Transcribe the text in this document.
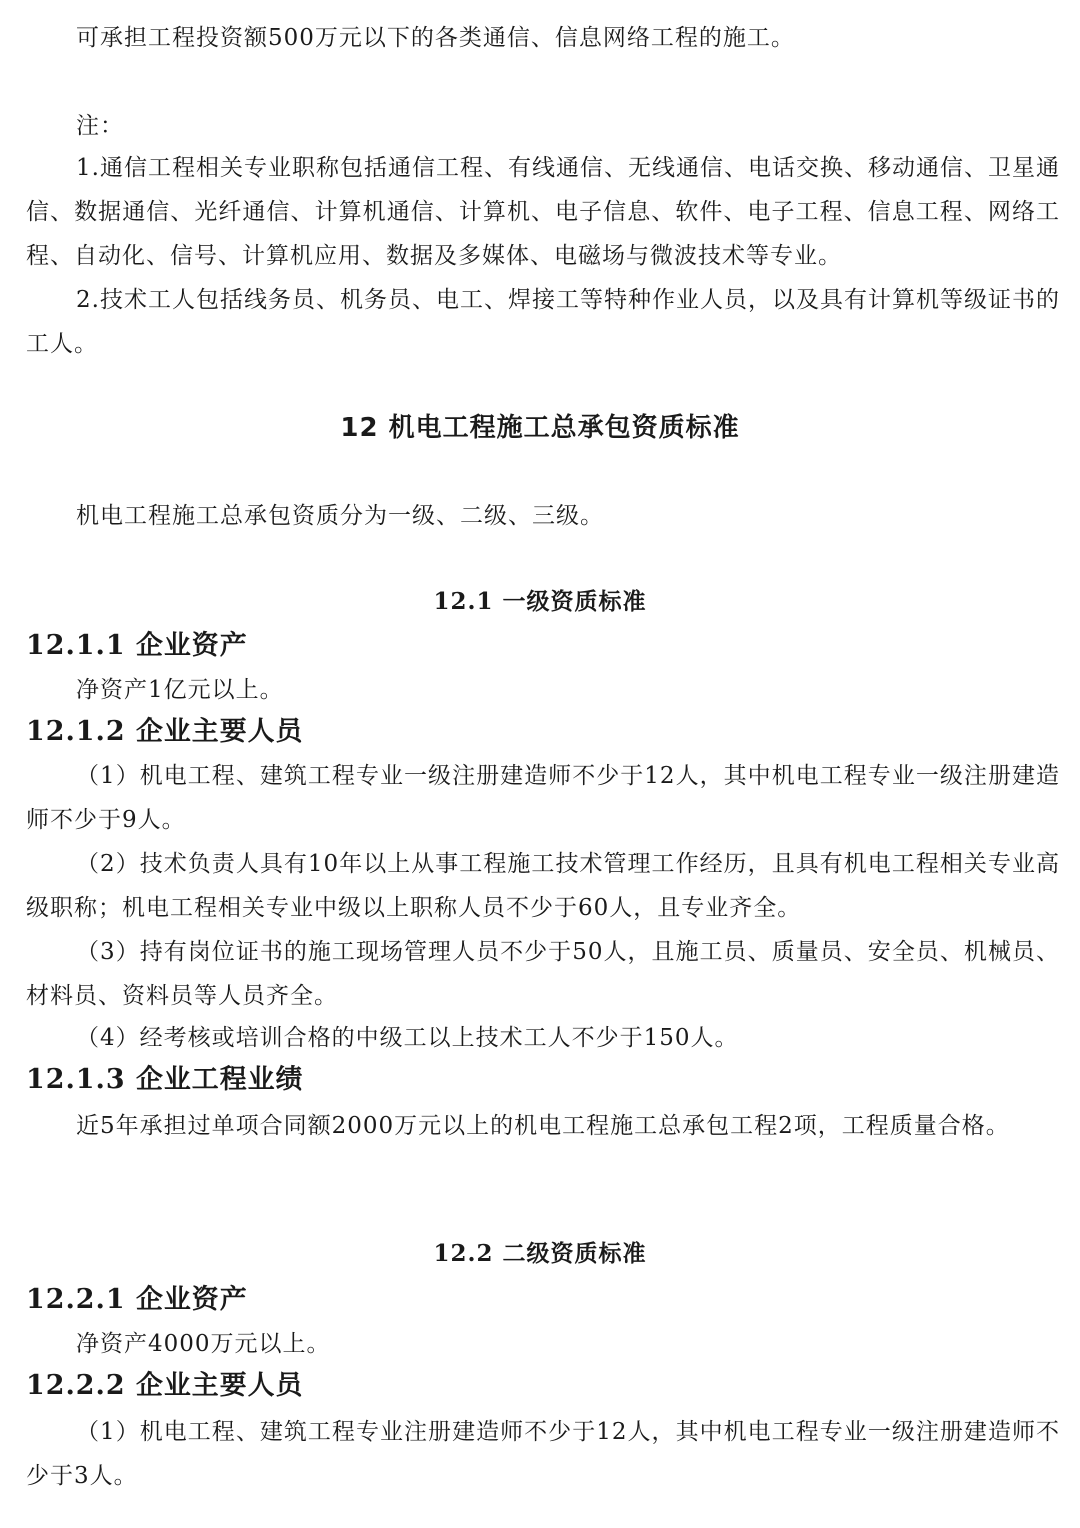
可承担工程投资额500万元以下的各类通信、信息网络工程的施工。

注：

1.通信工程相关专业职称包括通信工程、有线通信、无线通信、电话交换、移动通信、卫星通信、数据通信、光纤通信、计算机通信、计算机、电子信息、软件、电子工程、信息工程、网络工程、自动化、信号、计算机应用、数据及多媒体、电磁场与微波技术等专业。

2.技术工人包括线务员、机务员、电工、焊接工等特种作业人员，以及具有计算机等级证书的工人。

12 机电工程施工总承包资质标准

机电工程施工总承包资质分为一级、二级、三级。

12.1 一级资质标准
12.1.1 企业资产

净资产1亿元以上。

12.1.2 企业主要人员

（1）机电工程、建筑工程专业一级注册建造师不少于12人，其中机电工程专业一级注册建造师不少于9人。

（2）技术负责人具有10年以上从事工程施工技术管理工作经历，且具有机电工程相关专业高级职称；机电工程相关专业中级以上职称人员不少于60人，且专业齐全。

（3）持有岗位证书的施工现场管理人员不少于50人，且施工员、质量员、安全员、机械员、材料员、资料员等人员齐全。

（4）经考核或培训合格的中级工以上技术工人不少于150人。

12.1.3 企业工程业绩

近5年承担过单项合同额2000万元以上的机电工程施工总承包工程2项，工程质量合格。

12.2 二级资质标准
12.2.1 企业资产

净资产4000万元以上。

12.2.2 企业主要人员

（1）机电工程、建筑工程专业注册建造师不少于12人，其中机电工程专业一级注册建造师不少于3人。
